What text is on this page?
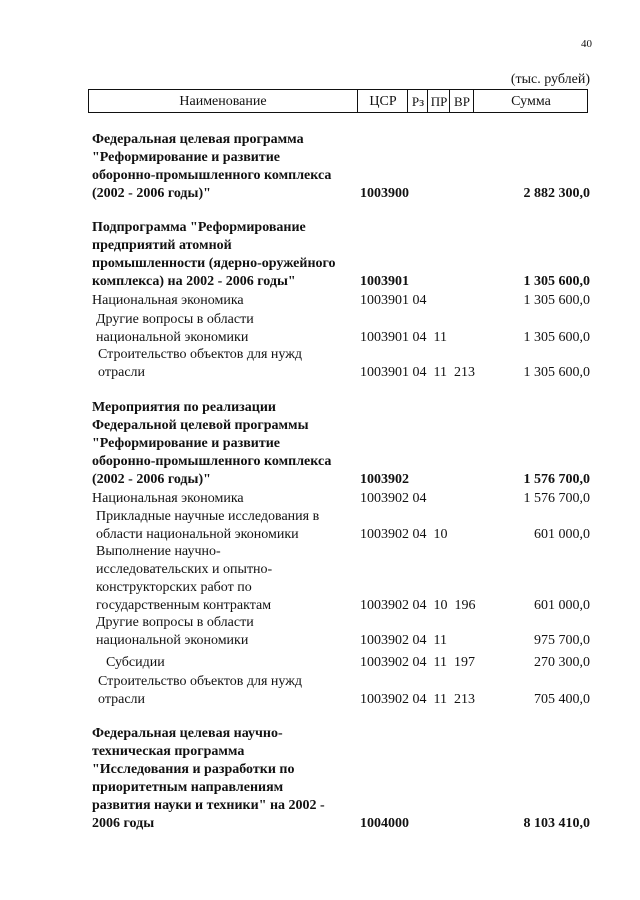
40
(тыс. рублей)
Наименование	ЦСР	Рз ПР ВР	Сумма
Федеральная целевая программа
"Реформирование и развитие
оборонно-промышленного комплекса
(2002 - 2006 годы)"	1003900	2 882 300,0
Подпрограмма "Реформирование
предприятий атомной
промышленности (ядерно-оружейного
комплекса) на 2002 - 2006 годы"	1003901	1 305 600,0
Национальная экономика	1003901 04	1 305 600,0
Другие вопросы в области
национальной экономики	1003901 04  11	1 305 600,0
Строительство объектов для нужд
отрасли	1003901 04  11  213	1 305 600,0
Мероприятия по реализации
Федеральной целевой программы
"Реформирование и развитие
оборонно-промышленного комплекса
(2002 - 2006 годы)"	1003902	1 576 700,0
Национальная экономика	1003902 04	1 576 700,0
Прикладные научные исследования в
области национальной экономики	1003902 04  10	601 000,0
Выполнение научно-
исследовательских и опытно-
конструкторских работ по
государственным контрактам	1003902 04  10  196	601 000,0
Другие вопросы в области
национальной экономики	1003902 04  11	975 700,0
Субсидии	1003902 04  11  197	270 300,0
Строительство объектов для нужд
отрасли	1003902 04  11  213	705 400,0
Федеральная целевая научно-
техническая программа
"Исследования и разработки по
приоритетным направлениям
развития науки и техники" на 2002 -
2006 годы	1004000	8 103 410,0
